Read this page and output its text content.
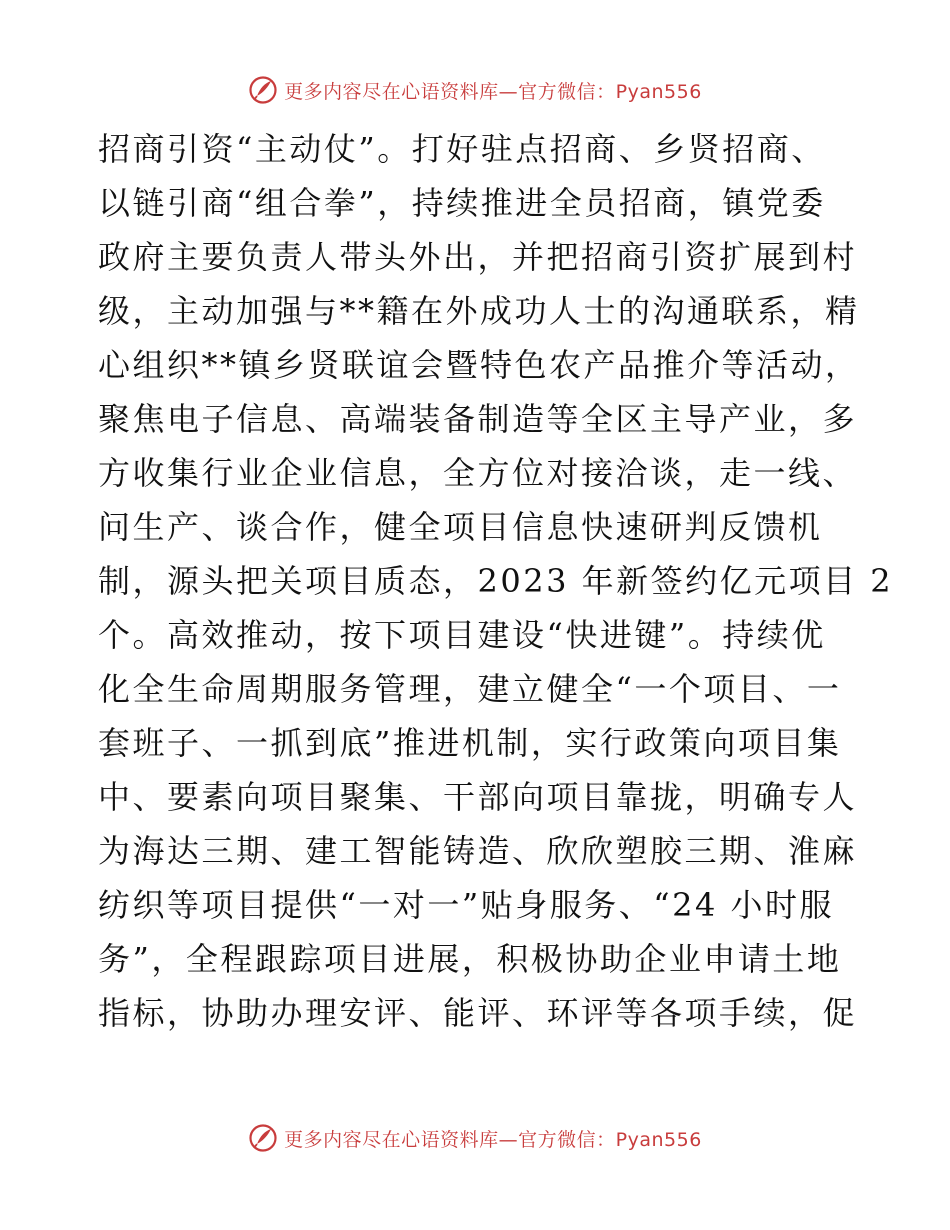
更多内容尽在心语资料库—官方微信：Pyan556
招商引资“主动仗”。打好驻点招商、乡贤招商、
以链引商“组合拳”，持续推进全员招商，镇党委
政府主要负责人带头外出，并把招商引资扩展到村
级，主动加强与**籍在外成功人士的沟通联系，精
心组织**镇乡贤联谊会暨特色农产品推介等活动，
聚焦电子信息、高端装备制造等全区主导产业，多
方收集行业企业信息，全方位对接洽谈，走一线、
问生产、谈合作，健全项目信息快速研判反馈机
制，源头把关项目质态，2023 年新签约亿元项目 2
个。高效推动，按下项目建设“快进键”。持续优
化全生命周期服务管理，建立健全“一个项目、一
套班子、一抓到底”推进机制，实行政策向项目集
中、要素向项目聚集、干部向项目靠拢，明确专人
为海达三期、建工智能铸造、欣欣塑胶三期、淮麻
纺织等项目提供“一对一”贴身服务、“24 小时服
务”，全程跟踪项目进展，积极协助企业申请土地
指标，协助办理安评、能评、环评等各项手续，促
更多内容尽在心语资料库—官方微信：Pyan556
